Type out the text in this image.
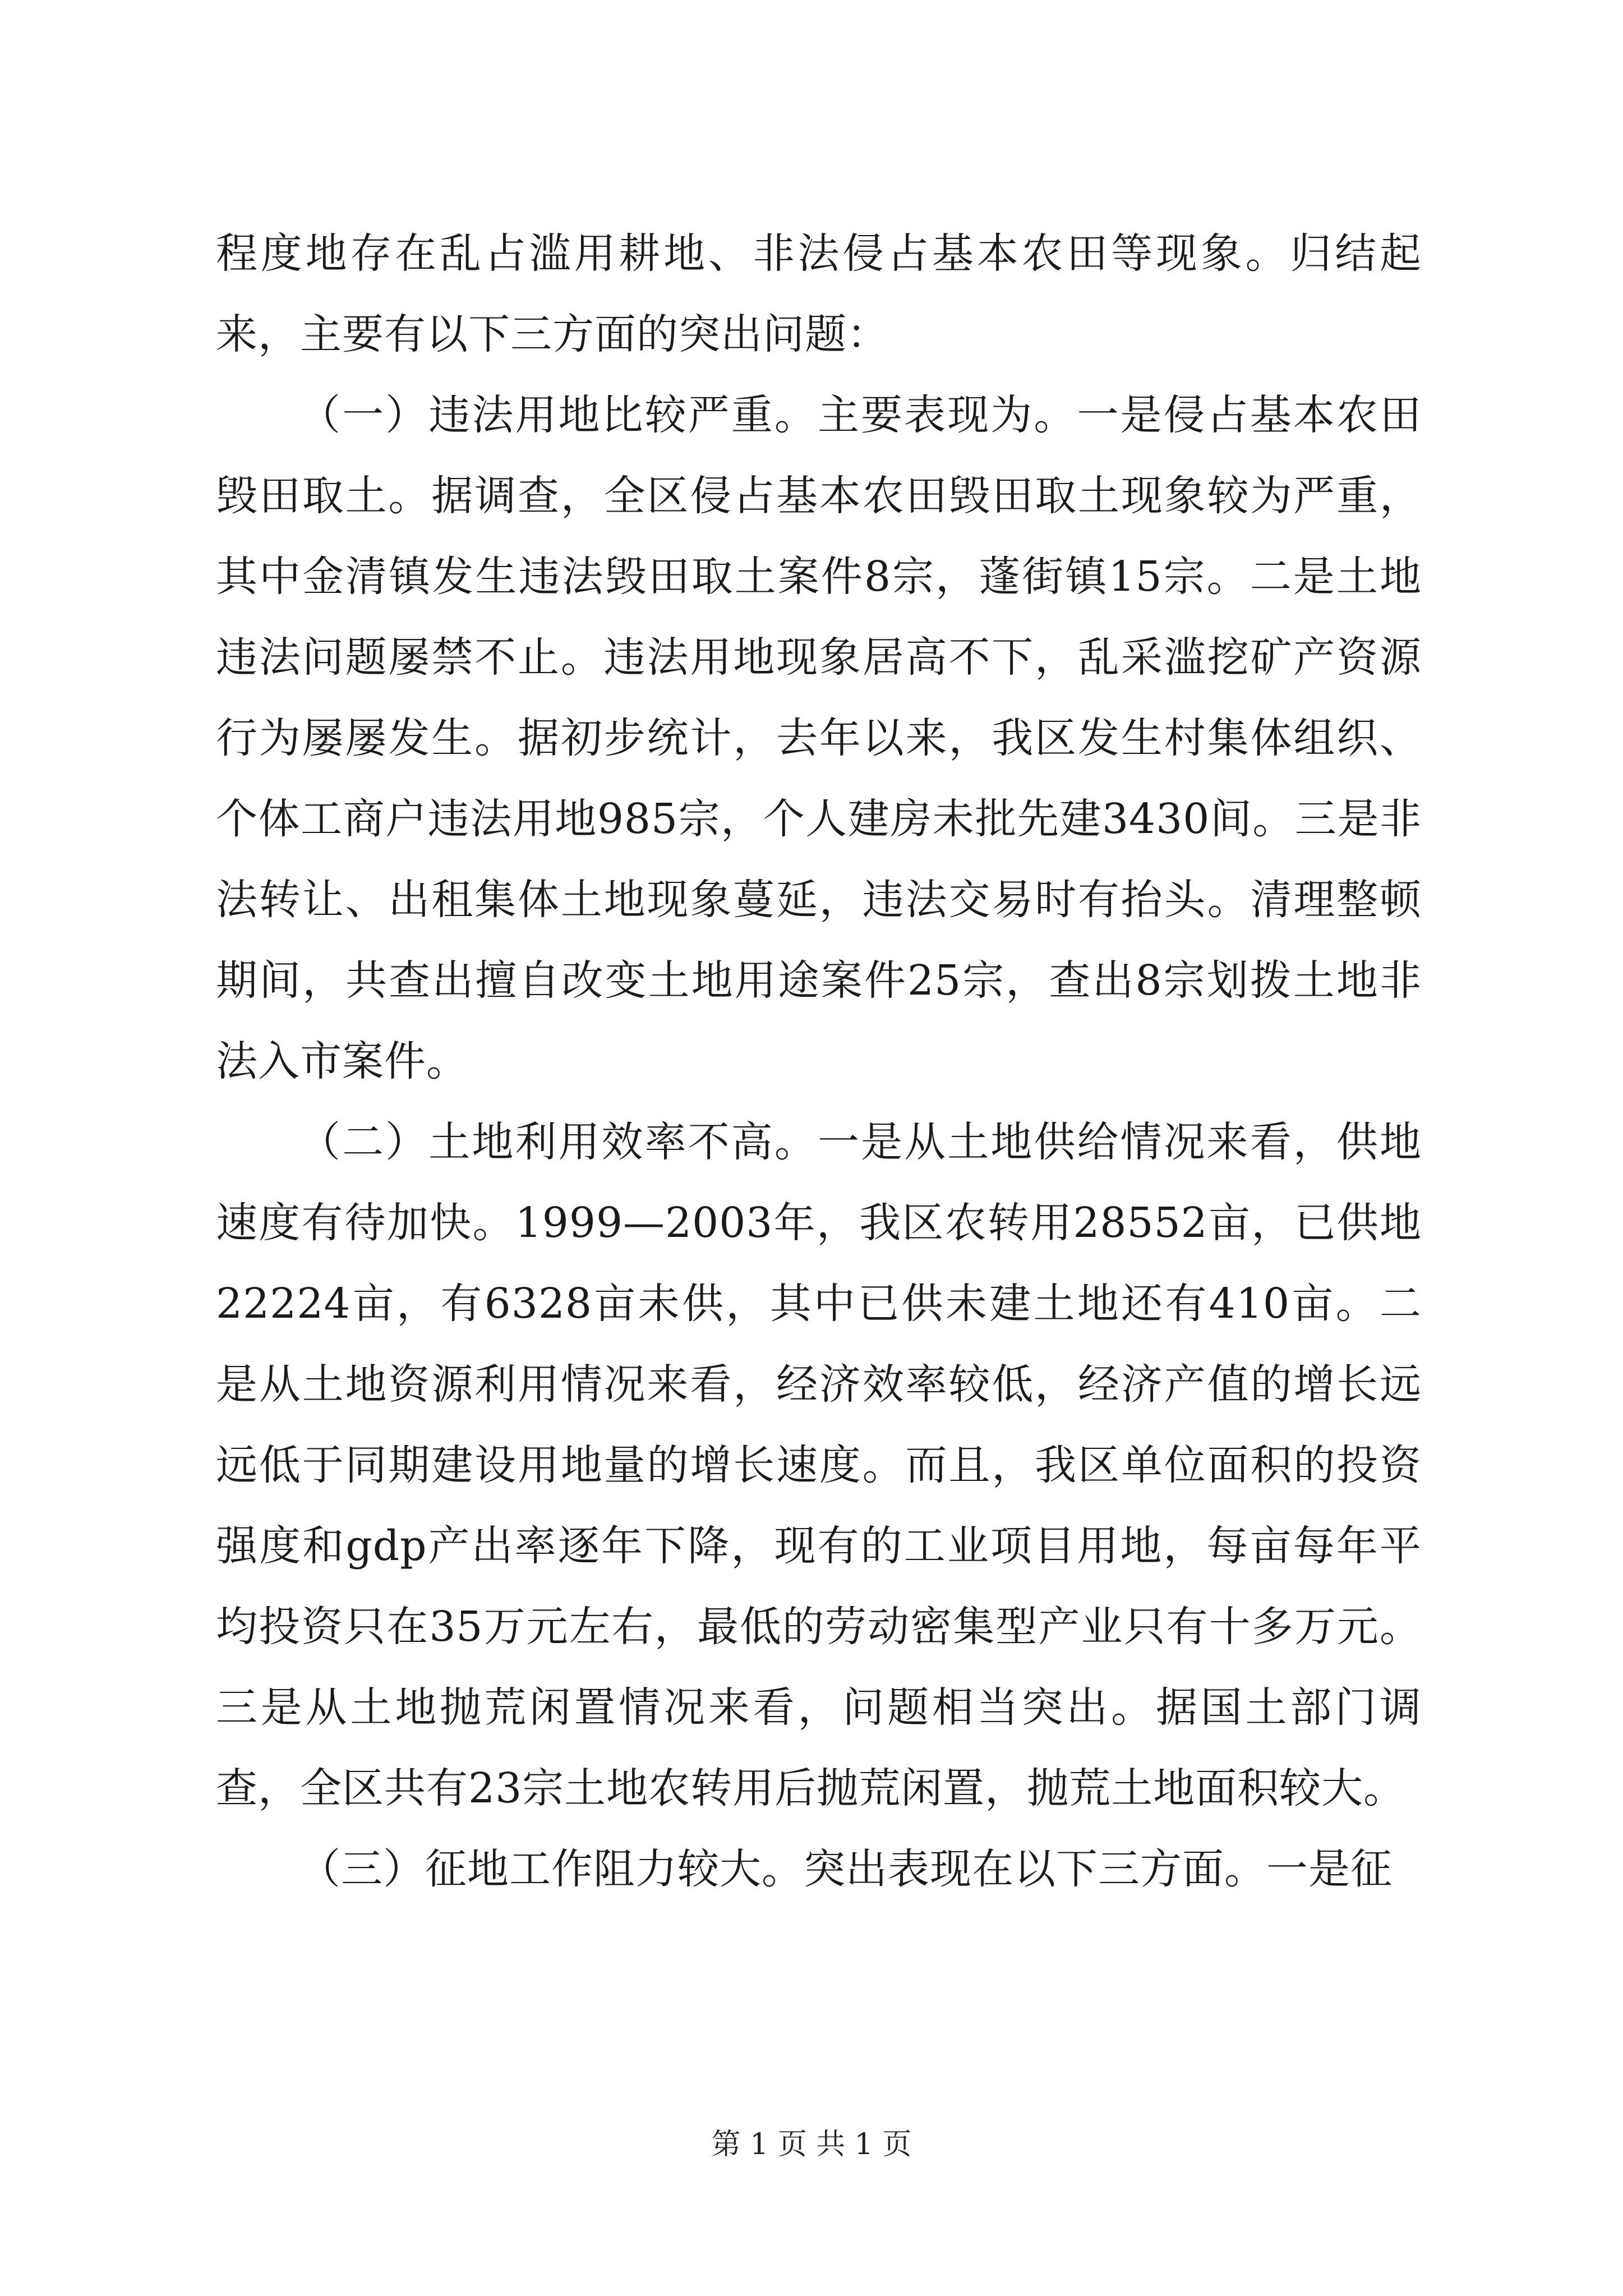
程度地存在乱占滥用耕地、非法侵占基本农田等现象。归结起来，主要有以下三方面的突出问题：

（一）违法用地比较严重。主要表现为。一是侵占基本农田毁田取土。据调查，全区侵占基本农田毁田取土现象较为严重，其中金清镇发生违法毁田取土案件8宗，蓬街镇15宗。二是土地违法问题屡禁不止。违法用地现象居高不下，乱采滥挖矿产资源行为屡屡发生。据初步统计，去年以来，我区发生村集体组织、个体工商户违法用地985宗，个人建房未批先建3430间。三是非法转让、出租集体土地现象蔓延，违法交易时有抬头。清理整顿期间，共查出擅自改变土地用途案件25宗，查出8宗划拨土地非法入市案件。

（二）土地利用效率不高。一是从土地供给情况来看，供地速度有待加快。1999—2003年，我区农转用28552亩，已供地22224亩，有6328亩未供，其中已供未建土地还有410亩。二是从土地资源利用情况来看，经济效率较低，经济产值的增长远远低于同期建设用地量的增长速度。而且，我区单位面积的投资强度和gdp产出率逐年下降，现有的工业项目用地，每亩每年平均投资只在35万元左右，最低的劳动密集型产业只有十多万元。三是从土地抛荒闲置情况来看，问题相当突出。据国土部门调查，全区共有23宗土地农转用后抛荒闲置，抛荒土地面积较大。

（三）征地工作阻力较大。突出表现在以下三方面。一是征

第 1 页 共 1 页
